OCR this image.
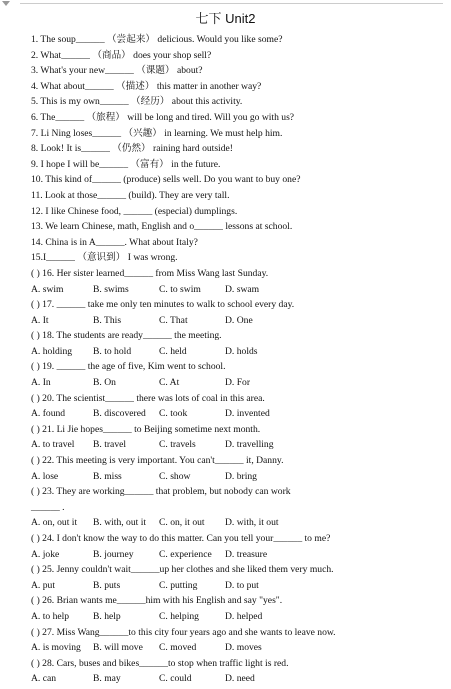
七下 Unit2
1. The soup______ （尝起来） delicious. Would you like some?
2. What______ （商品） does your shop sell?
3. What's your new______ （课题） about?
4. What about______ （描述） this matter in another way?
5. This is my own______ （经历） about this activity.
6. The______ （旅程） will be long and tired. Will you go with us?
7. Li Ning loses______ （兴趣） in learning. We must help him.
8. Look! It is______ （仍然） raining hard outside!
9. I hope I will be______ （富有） in the future.
10. This kind of______ (produce) sells well. Do you want to buy one?
11. Look at those______ (build). They are very tall.
12. I like Chinese food, ______ (especial) dumplings.
13. We learn Chinese, math, English and o______ lessons at school.
14. China is in A______. What about Italy?
15.I______ （意识到） I was wrong.
( ) 16. Her sister learned______ from Miss Wang last Sunday.
A. swim	B. swims	C. to swim	D. swam
( ) 17. ______ take me only ten minutes to walk to school every day.
A. It	B. This	C. That	D. One
( ) 18. The students are ready______ the meeting.
A. holding B. to hold	C. held	D. holds
( ) 19. ______ the age of five, Kim went to school.
A. In	B. On	C. At	D. For
( ) 20. The scientist______ there was lots of coal in this area.
A. found	B. discovered C. took	D. invented
( ) 21. Li Jie hopes______ to Beijing sometime next month.
A. to travel B. travel	C. travels	D. travelling
( ) 22. This meeting is very important. You can't______ it, Danny.
A. lose	B. miss	C. show	D. bring
( ) 23. They are working______ that problem, but nobody can work
______ .
A. on, out it B. with, out it C. on, it out D. with, it out
( ) 24. I don't know the way to do this matter. Can you tell your______ to me?
A. joke	B. journey	C. experience D. treasure
( ) 25. Jenny couldn't wait______up her clothes and she liked them very much.
A. put	B. puts	C. putting	D. to put
( ) 26. Brian wants me______him with his English and say "yes".
A. to help B. help	C. helping	D. helped
( ) 27. Miss Wang______to this city four years ago and she wants to leave now.
A. is moving B. will move C. moved	D. moves
( ) 28. Cars, buses and bikes______to stop when traffic light is red.
A. can	B. may	C. could	D. need
